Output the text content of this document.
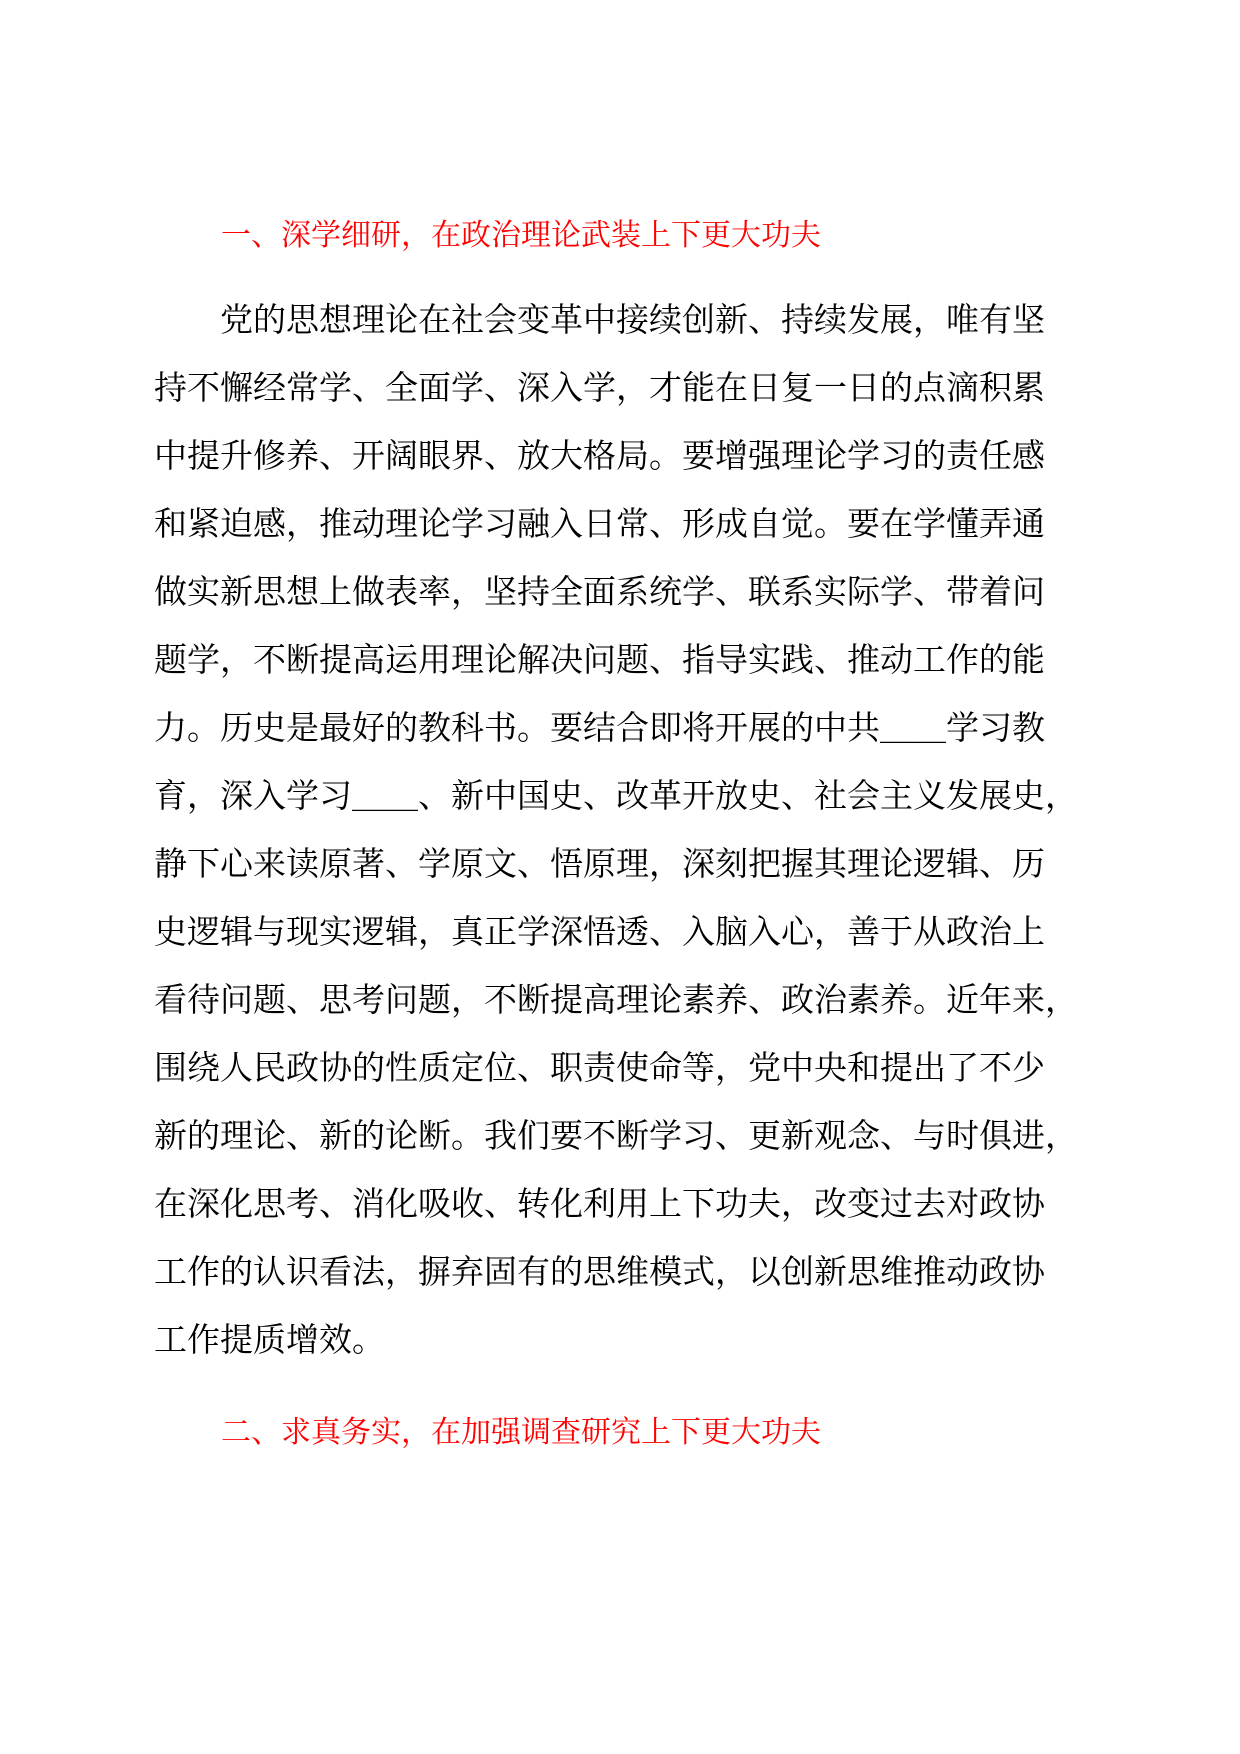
一、深学细研，在政治理论武装上下更大功夫
党的思想理论在社会变革中接续创新、持续发展，唯有坚
持不懈经常学、全面学、深入学，才能在日复一日的点滴积累
中提升修养、开阔眼界、放大格局。要增强理论学习的责任感
和紧迫感，推动理论学习融入日常、形成自觉。要在学懂弄通
做实新思想上做表率，坚持全面系统学、联系实际学、带着问
题学，不断提高运用理论解决问题、指导实践、推动工作的能
力。历史是最好的教科书。要结合即将开展的中共＿＿学习教
育，深入学习＿＿、新中国史、改革开放史、社会主义发展史，
静下心来读原著、学原文、悟原理，深刻把握其理论逻辑、历
史逻辑与现实逻辑，真正学深悟透、入脑入心，善于从政治上
看待问题、思考问题，不断提高理论素养、政治素养。近年来，
围绕人民政协的性质定位、职责使命等，党中央和提出了不少
新的理论、新的论断。我们要不断学习、更新观念、与时俱进，
在深化思考、消化吸收、转化利用上下功夫，改变过去对政协
工作的认识看法，摒弃固有的思维模式，以创新思维推动政协
工作提质增效。
二、求真务实，在加强调查研究上下更大功夫
